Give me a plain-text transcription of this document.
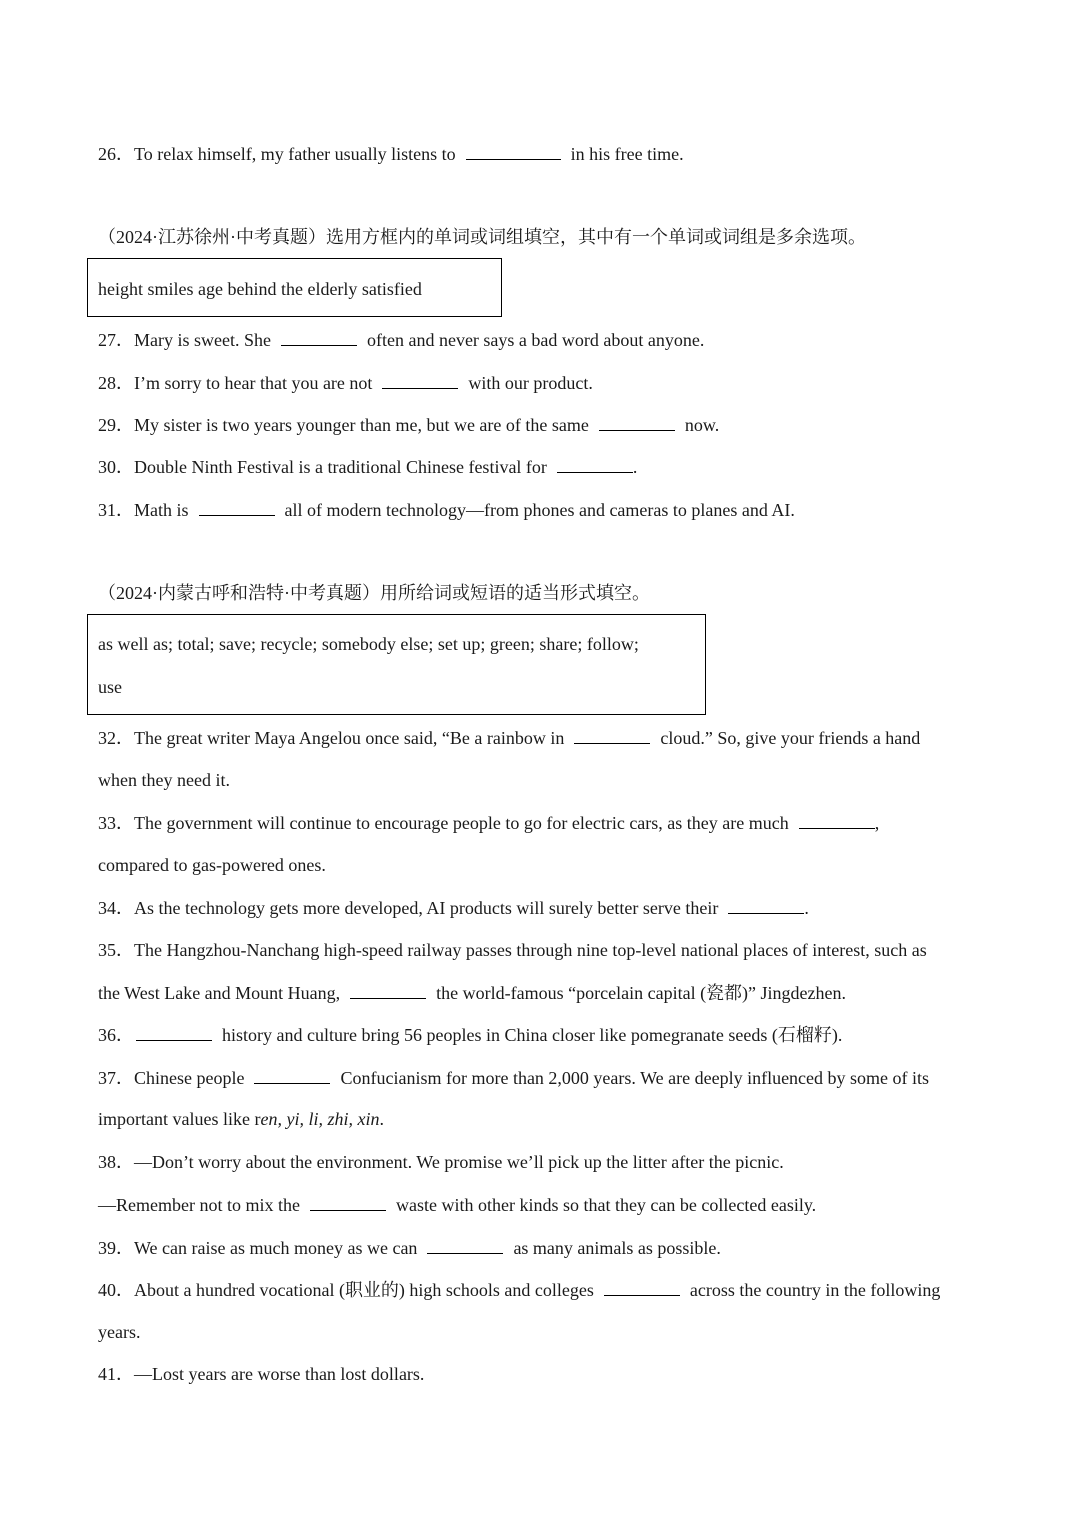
26．To relax himself, my father usually listens to	in his free time.
（2024·江苏徐州·中考真题）选用方框内的单词或词组填空，其中有一个单词或词组是多余选项。
height smiles age behind the elderly satisfied
27．Mary is sweet. She	often and never says a bad word about anyone.
28．I’m sorry to hear that you are not	with our product.
29．My sister is two years younger than me, but we are of the same	now.
30．Double Ninth Festival is a traditional Chinese festival for	.
31．Math is	all of modern technology—from phones and cameras to planes and AI.
（2024·内蒙古呼和浩特·中考真题）用所给词或短语的适当形式填空。
as well as; total; save; recycle; somebody else; set up; green; share; follow;
use
32．The great writer Maya Angelou once said, “Be a rainbow in	cloud.” So, give your friends a hand
when they need it.
33．The government will continue to encourage people to go for electric cars, as they are much	,
compared to gas-powered ones.
34．As the technology gets more developed, AI products will surely better serve their	.
35．The Hangzhou-Nanchang high-speed railway passes through nine top-level national places of interest, such as
the West Lake and Mount Huang,	the world-famous “porcelain capital (瓷都)” Jingdezhen.
36．	history and culture bring 56 peoples in China closer like pomegranate seeds (石榴籽).
37．Chinese people	Confucianism for more than 2,000 years. We are deeply influenced by some of its
important values like ren, yi, li, zhi, xin.
38．—Don’t worry about the environment. We promise we’ll pick up the litter after the picnic.
—Remember not to mix the	waste with other kinds so that they can be collected easily.
39．We can raise as much money as we can	as many animals as possible.
40．About a hundred vocational (职业的) high schools and colleges	across the country in the following
years.
41．—Lost years are worse than lost dollars.
